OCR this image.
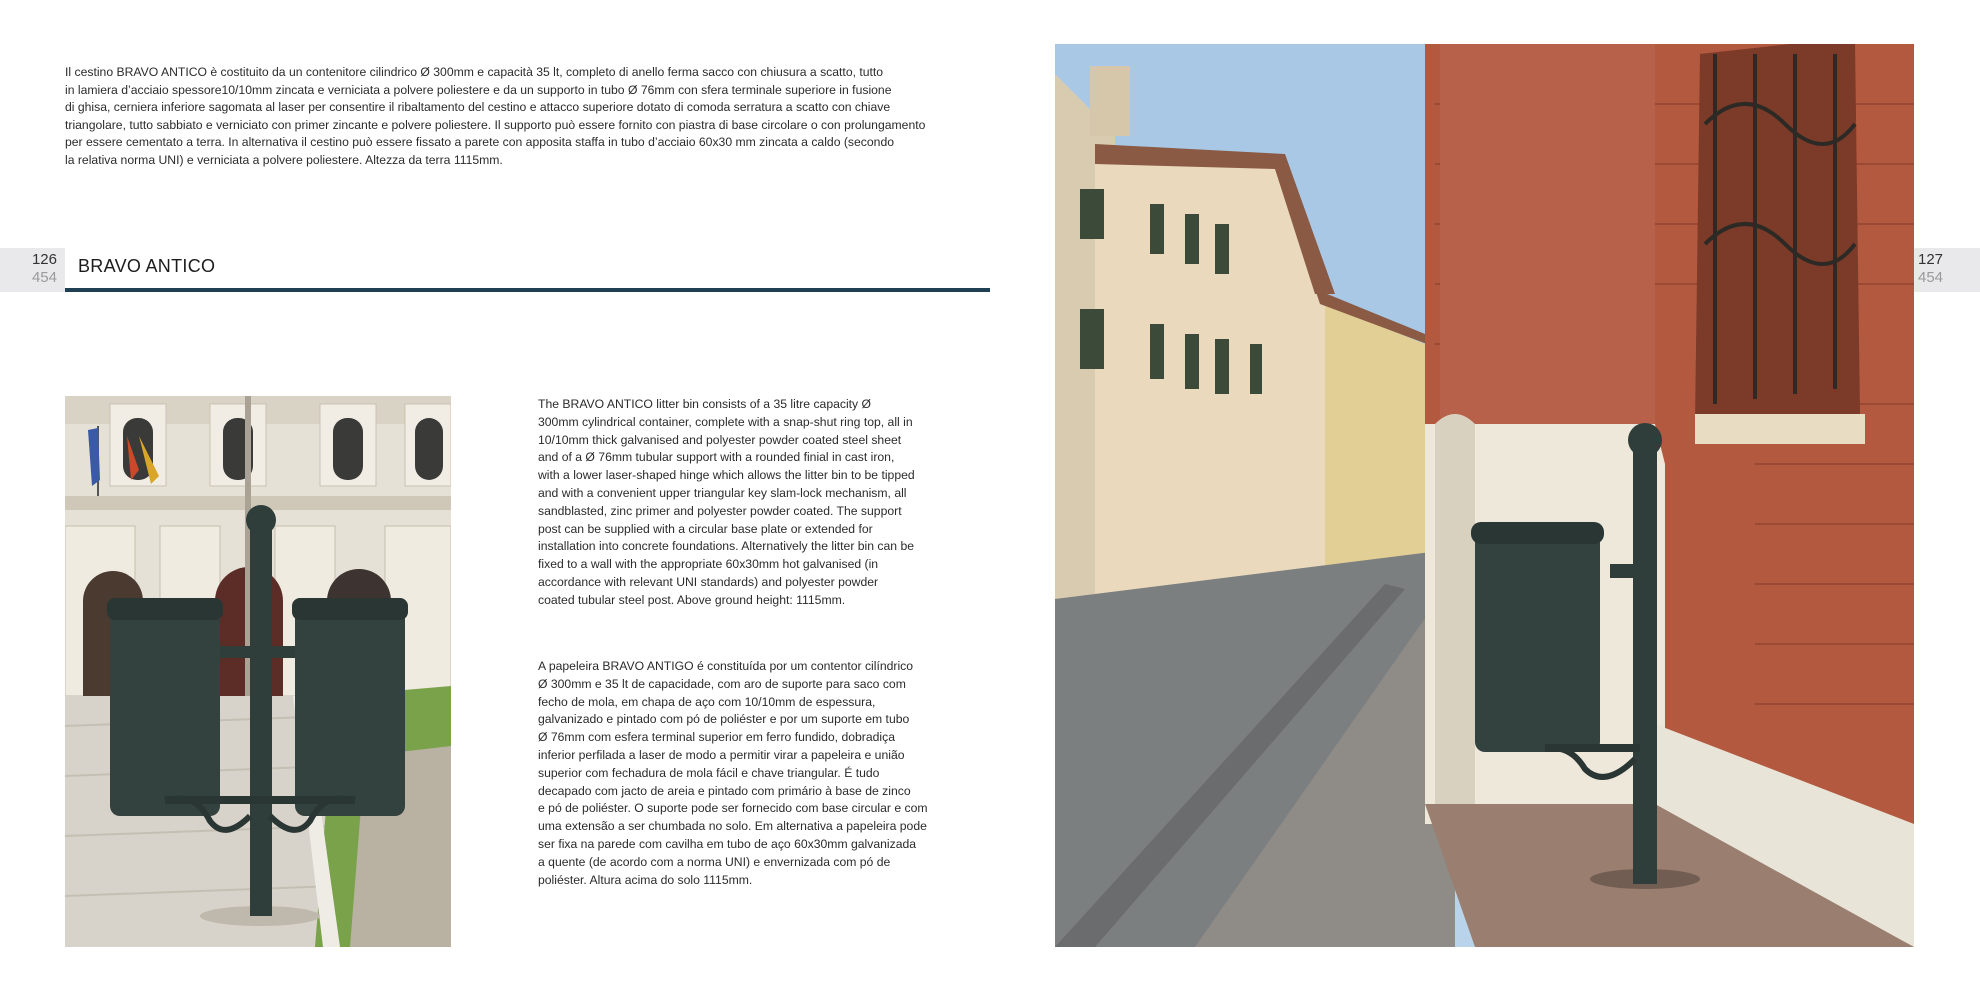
Il cestino BRAVO ANTICO è costituito da un contenitore cilindrico Ø 300mm e capacità 35 lt, completo di anello ferma sacco con chiusura a scatto, tutto
in lamiera d’acciaio spessore10/10mm zincata e verniciata a polvere poliestere e da un supporto in tubo Ø 76mm con sfera terminale superiore in fusione
di ghisa, cerniera inferiore sagomata al laser per consentire il ribaltamento del cestino e attacco superiore dotato di comoda serratura a scatto con chiave
triangolare, tutto sabbiato e verniciato con primer zincante e polvere poliestere. Il supporto può essere fornito con piastra di base circolare o con prolungamento
per essere cementato a terra. In alternativa il cestino può essere fissato a parete con apposita staffa in tubo d’acciaio 60x30 mm zincata a caldo (secondo
la relativa norma UNI) e verniciata a polvere poliestere. Altezza da terra 1115mm.
126
454
127
454
BRAVO ANTICO
The BRAVO ANTICO litter bin consists of a 35 litre capacity Ø
300mm cylindrical container, complete with a snap-shut ring top, all in
10/10mm thick galvanised and polyester powder coated steel sheet
and of a Ø 76mm tubular support with a rounded finial in cast iron,
with a lower laser-shaped hinge which allows the litter bin to be tipped
and with a convenient upper triangular key slam-lock mechanism, all
sandblasted, zinc primer and polyester powder coated. The support
post can be supplied with a circular base plate or extended for
installation into concrete foundations. Alternatively the litter bin can be
fixed to a wall with the appropriate 60x30mm hot galvanised (in
accordance with relevant UNI standards) and polyester powder
coated tubular steel post. Above ground height: 1115mm.
A papeleira BRAVO ANTIGO é constituída por um contentor cilíndrico
Ø 300mm e 35 lt de capacidade, com aro de suporte para saco com
fecho de mola, em chapa de aço com 10/10mm de espessura,
galvanizado e pintado com pó de poliéster e por um suporte em tubo
Ø 76mm com esfera terminal superior em ferro fundido, dobradiça
inferior perfilada a laser de modo a permitir virar a papeleira e união
superior com fechadura de mola fácil e chave triangular. É tudo
decapado com jacto de areia e pintado com primário à base de zinco
e pó de poliéster. O suporte pode ser fornecido com base circular e com
uma extensão a ser chumbada no solo. Em alternativa a papeleira pode
ser fixa na parede com cavilha em tubo de aço 60x30mm galvanizada
a quente (de acordo com a norma UNI) e envernizada com pó de
poliéster. Altura acima do solo 1115mm.
